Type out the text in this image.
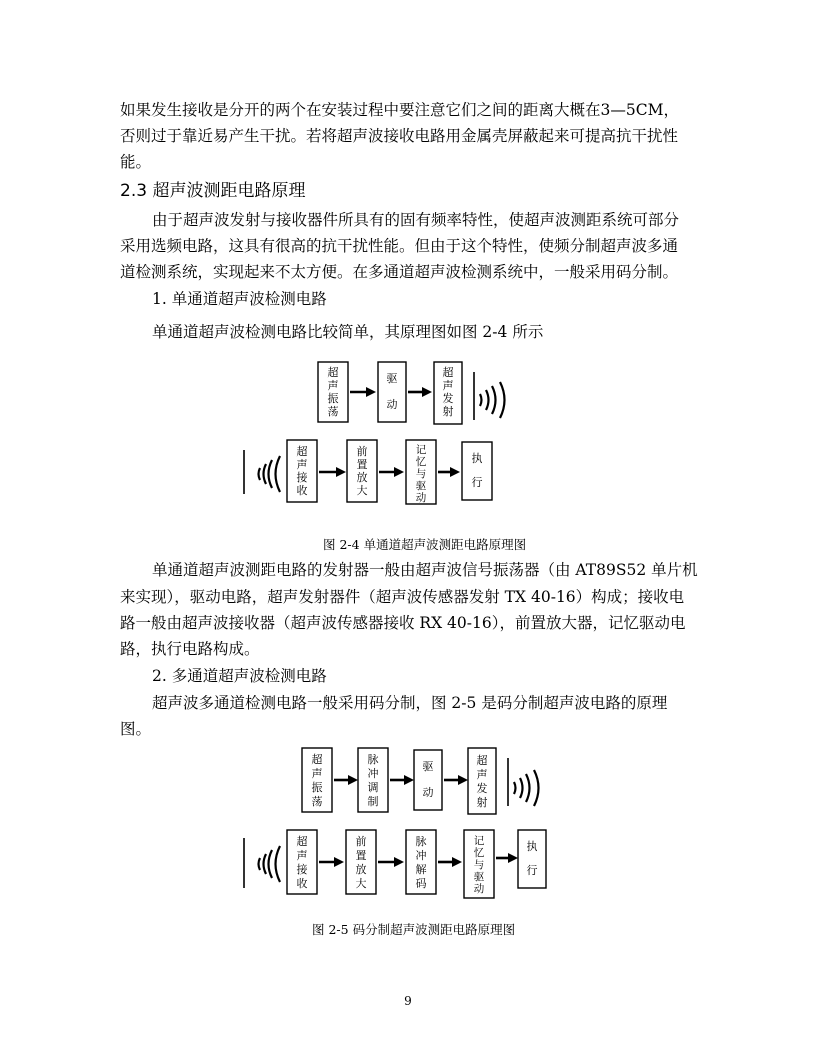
如果发生接收是分开的两个在安装过程中要注意它们之间的距离大概在3—5CM，
否则过于靠近易产生干扰。若将超声波接收电路用金属壳屏蔽起来可提高抗干扰性
能。
2.3 超声波测距电路原理
由于超声波发射与接收器件所具有的固有频率特性，使超声波测距系统可部分
采用选频电路，这具有很高的抗干扰性能。但由于这个特性，使频分制超声波多通
道检测系统，实现起来不太方便。在多通道超声波检测系统中，一般采用码分制。
1. 单通道超声波检测电路
单通道超声波检测电路比较简单，其原理图如图 2-4 所示
超
声
振
荡
驱
动
超
声
发
射
超
声
接
收
前
置
放
大
记
忆
与
驱
动
执
行
图 2-4 单通道超声波测距电路原理图
单通道超声波测距电路的发射器一般由超声波信号振荡器（由 AT89S52 单片机
来实现），驱动电路，超声发射器件（超声波传感器发射 TX 40-16）构成；接收电
路一般由超声波接收器（超声波传感器接收 RX 40-16），前置放大器，记忆驱动电
路，执行电路构成。
2. 多通道超声波检测电路
超声波多通道检测电路一般采用码分制，图 2-5 是码分制超声波电路的原理
图。
超
声
振
荡
脉
冲
调
制
驱
动
超
声
发
射
超
声
接
收
前
置
放
大
脉
冲
解
码
记
忆
与
驱
动
执
行
图 2-5 码分制超声波测距电路原理图
9
